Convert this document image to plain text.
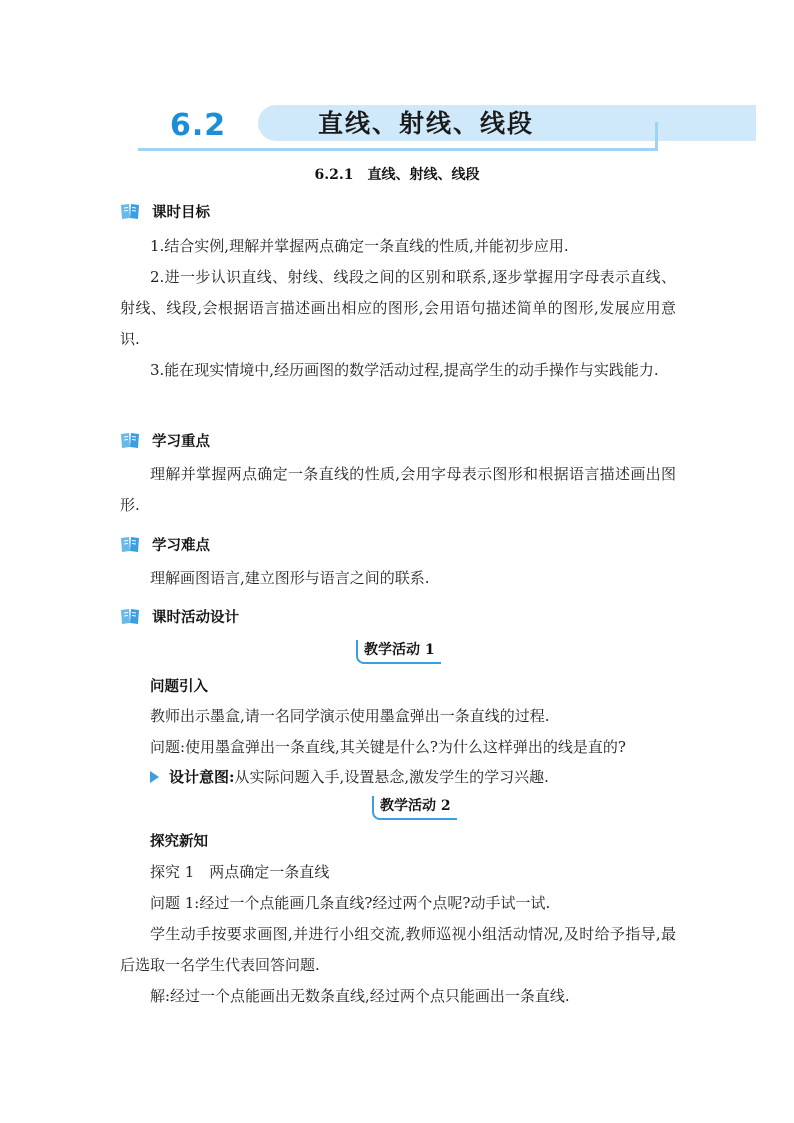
6.2	直线、射线、线段
6.2.1　直线、射线、线段
课时目标

1.结合实例,理解并掌握两点确定一条直线的性质,并能初步应用.

2.进一步认识直线、射线、线段之间的区别和联系,逐步掌握用字母表示直线、射线、线段,会根据语言描述画出相应的图形,会用语句描述简单的图形,发展应用意识.

3.能在现实情境中,经历画图的数学活动过程,提高学生的动手操作与实践能力.

学习重点

理解并掌握两点确定一条直线的性质,会用字母表示图形和根据语言描述画出图形.

学习难点

理解画图语言,建立图形与语言之间的联系.

课时活动设计
教学活动 1
问题引入
教师出示墨盒,请一名同学演示使用墨盒弹出一条直线的过程.
问题:使用墨盒弹出一条直线,其关键是什么?为什么这样弹出的线是直的?
设计意图: 从实际问题入手,设置悬念,激发学生的学习兴趣.
教学活动 2
探究新知
探究 1　两点确定一条直线
问题 1:经过一个点能画几条直线?经过两个点呢?动手试一试.

学生动手按要求画图,并进行小组交流,教师巡视小组活动情况,及时给予指导,最后选取一名学生代表回答问题.

解:经过一个点能画出无数条直线,经过两个点只能画出一条直线.
